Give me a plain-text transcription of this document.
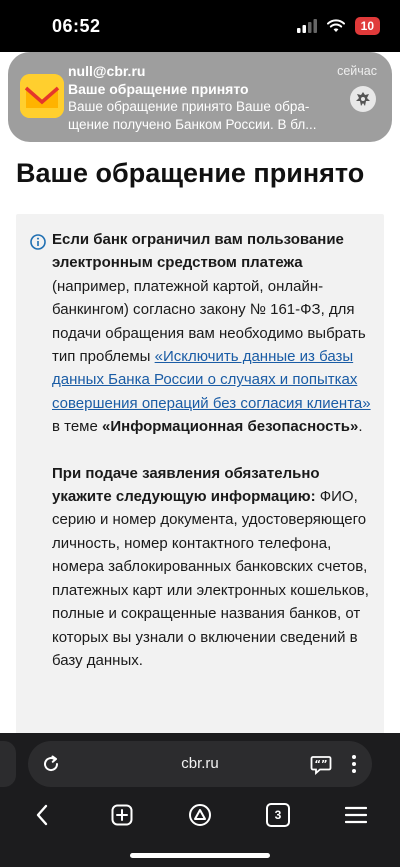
06:52	10
Ваше обращение принято
Если банк ограничил вам пользование электронным средством платежа (например, платежной картой, онлайн-банкингом) согласно закону № 161-ФЗ, для подачи обращения вам необходимо выбрать тип проблемы «Исключить данные из базы данных Банка России о случаях и попытках совершения операций без согласия клиента» в теме «Информационная безопасность».
При подаче заявления обязательно укажите следующую информацию: ФИО, серию и номер документа, удостоверяющего личность, номер контактного телефона, номера заблокированных банковских счетов, платежных карт или электронных кошельков, полные и сокращенные названия банков, от которых вы узнали о включении сведений в базу данных.
null@cbr.ru	сейчас
Ваше обращение принято
Ваше обращение принято Ваше обра-
щение получено Банком России. В бл...
cbr.ru	“”
3
